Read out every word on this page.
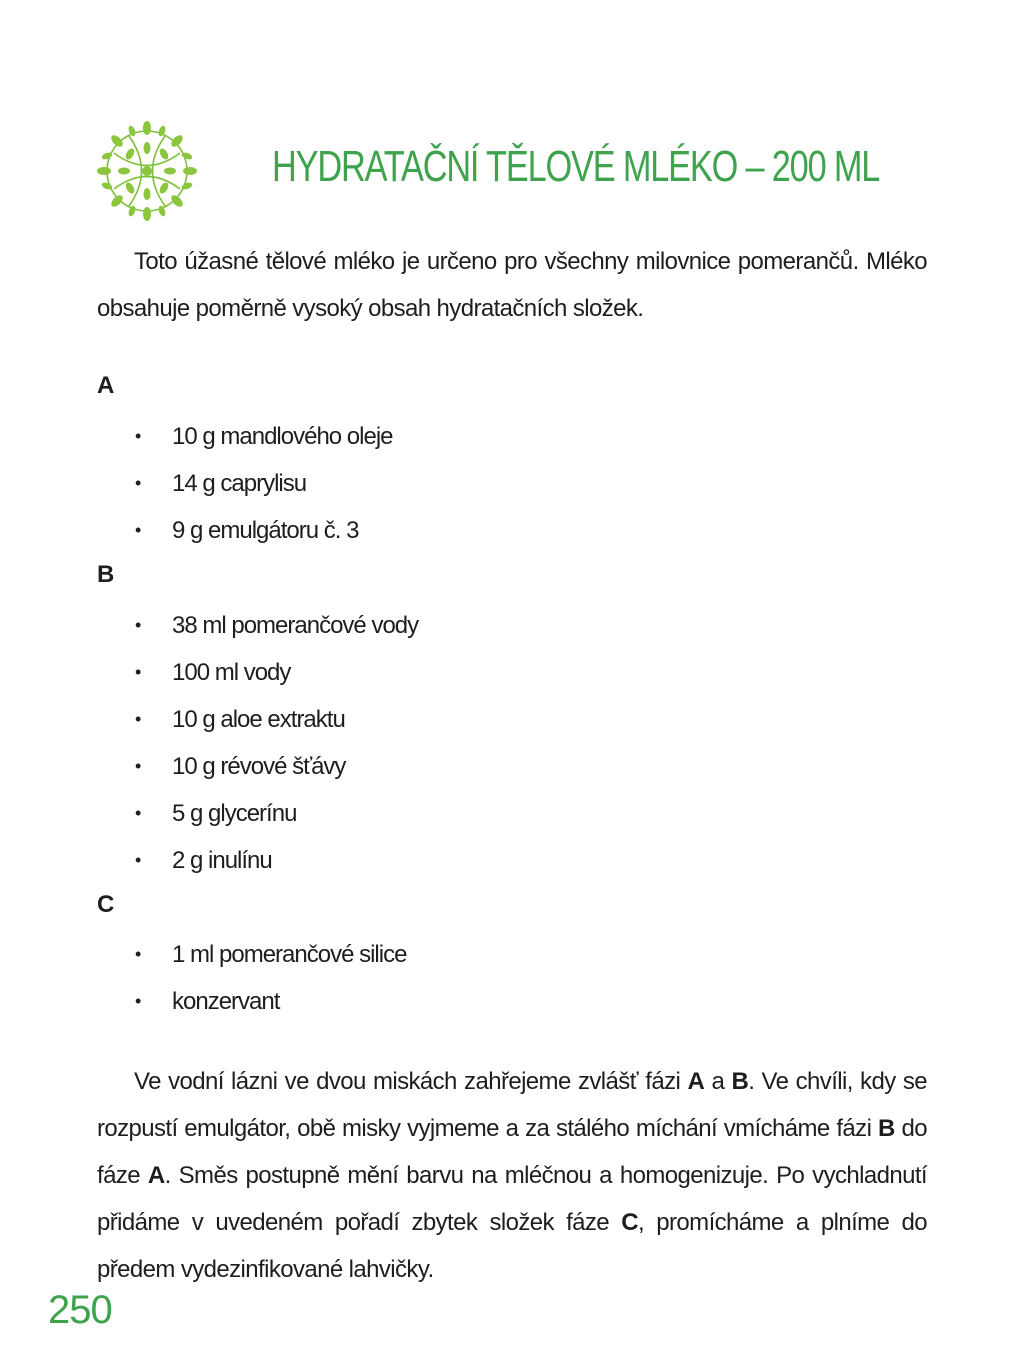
HYDRATAČNÍ TĚLOVÉ MLÉKO – 200 ML

Toto úžasné tělové mléko je určeno pro všechny milovnice pomerančů. Mléko obsahuje poměrně vysoký obsah hydratačních složek.

A

• 10 g mandlového oleje
• 14 g caprylisu
• 9 g emulgátoru č. 3

B

• 38 ml pomerančové vody
• 100 ml vody
• 10 g aloe extraktu
• 10 g révové šťávy
• 5 g glycerínu
• 2 g inulínu

C

• 1 ml pomerančové silice
• konzervant

Ve vodní lázni ve dvou miskách zahřejeme zvlášť fázi A a B. Ve chvíli, kdy se rozpustí emulgátor, obě misky vyjmeme a za stálého míchání vmícháme fázi B do fáze A. Směs postupně mění barvu na mléčnou a homogenizuje. Po vychladnutí přidáme v uvedeném pořadí zbytek složek fáze C, promícháme a plníme do předem vydezinfikované lahvičky.

250
